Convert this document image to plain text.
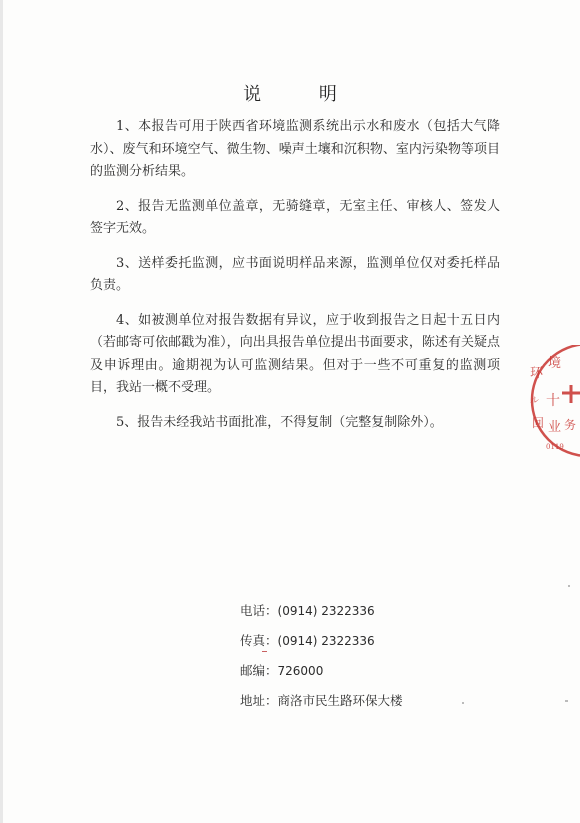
说 明

1、本报告可用于陕西省环境监测系统出示水和废水（包括大气降水）、废气和环境空气、微生物、噪声土壤和沉积物、室内污染物等项目的监测分析结果。

2、报告无监测单位盖章，无骑缝章，无室主任、审核人、签发人签字无效。

3、送样委托监测，应书面说明样品来源，监测单位仅对委托样品负责。

4、如被测单位对报告数据有异议，应于收到报告之日起十五日内（若邮寄可依邮戳为准），向出具报告单位提出书面要求，陈述有关疑点及申诉理由。逾期视为认可监测结果。但对于一些不可重复的监测项目，我站一概不受理。

5、报告未经我站书面批准，不得复制（完整复制除外）。

环
境
ル 十
回 业 务
0119
电话：(0914) 2322336
传真：(0914) 2322336
邮编：726000
地址：商洛市民生路环保大楼
